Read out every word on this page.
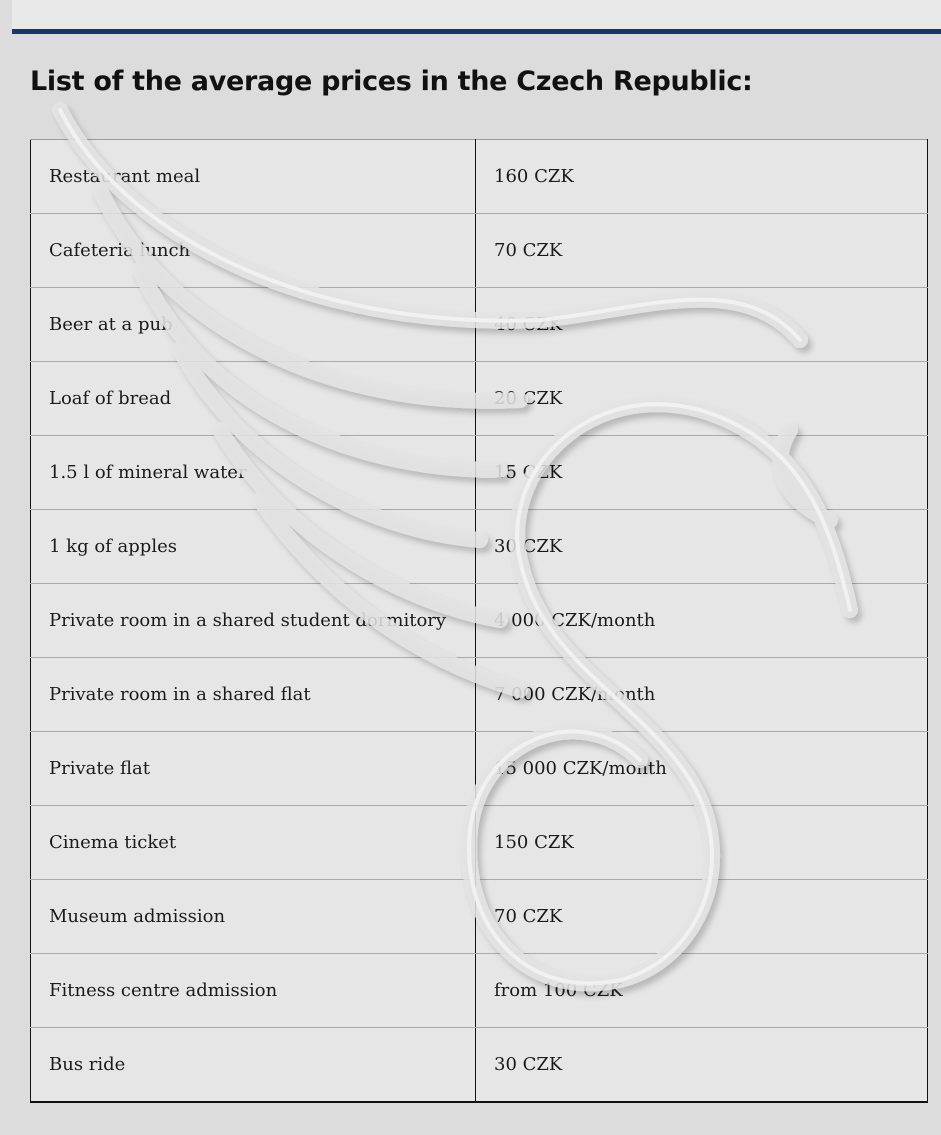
List of the average prices in the Czech Republic:
Restaurant meal	160 CZK
Cafeteria lunch	70 CZK
Beer at a pub	40 CZK
Loaf of bread	20 CZK
1.5 l of mineral water	15 CZK
1 kg of apples	30 CZK
Private room in a shared student dormitory	4 000 CZK/month
Private room in a shared flat	7 000 CZK/month
Private flat	15 000 CZK/month
Cinema ticket	150 CZK
Museum admission	70 CZK
Fitness centre admission	from 100 CZK
Bus ride	30 CZK
